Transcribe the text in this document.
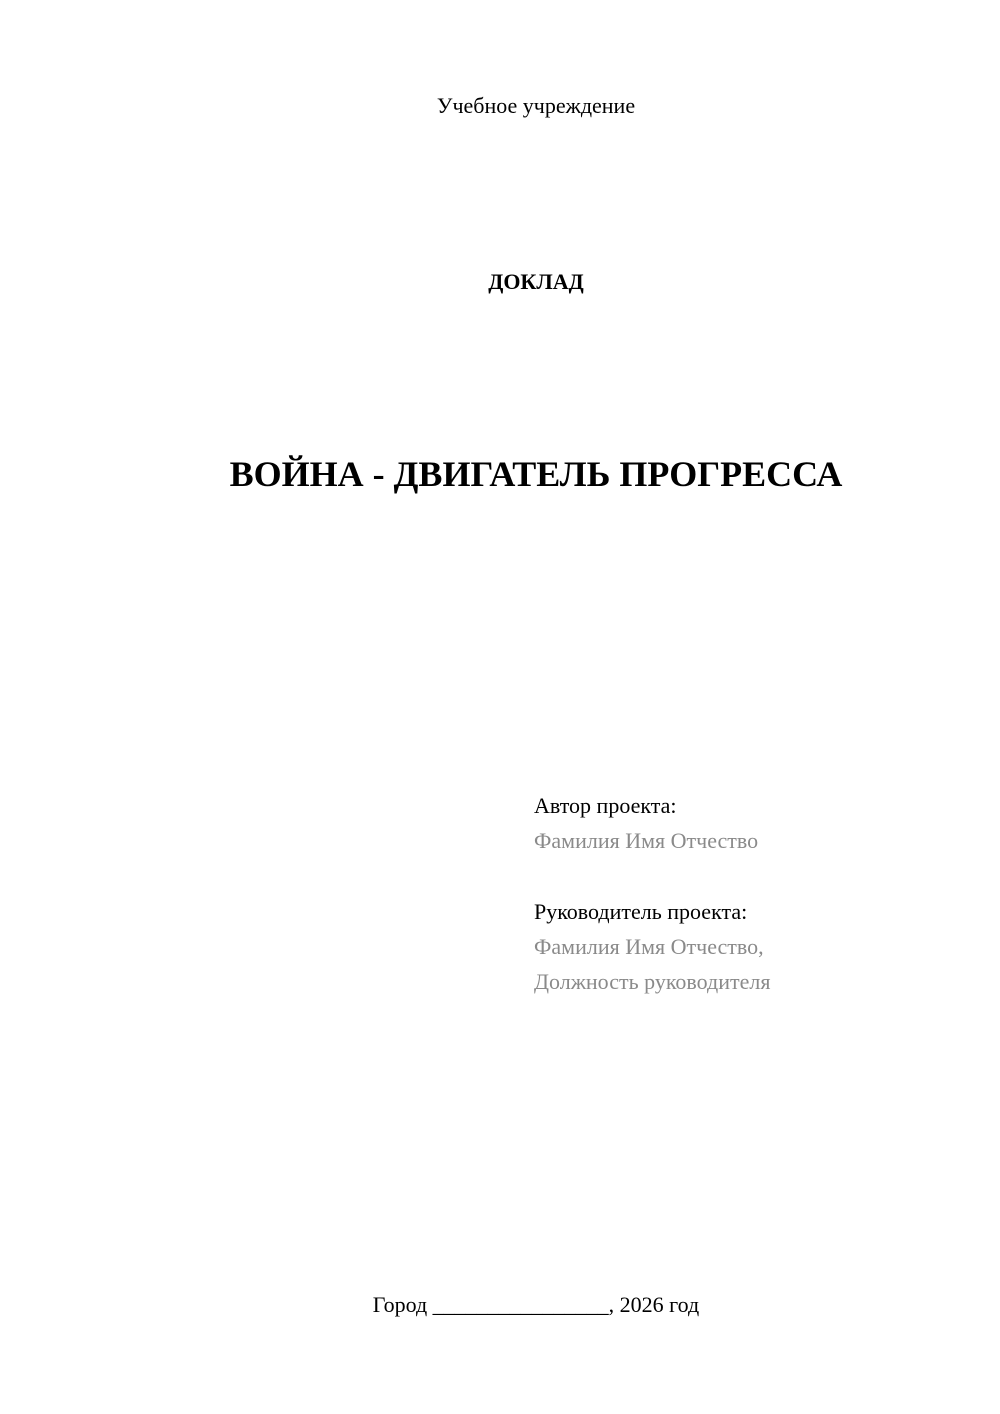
Учебное учреждение
ДОКЛАД
ВОЙНА - ДВИГАТЕЛЬ ПРОГРЕССА
Автор проекта:
Фамилия Имя Отчество
Руководитель проекта:
Фамилия Имя Отчество,
Должность руководителя
Город ________________, 2026 год
